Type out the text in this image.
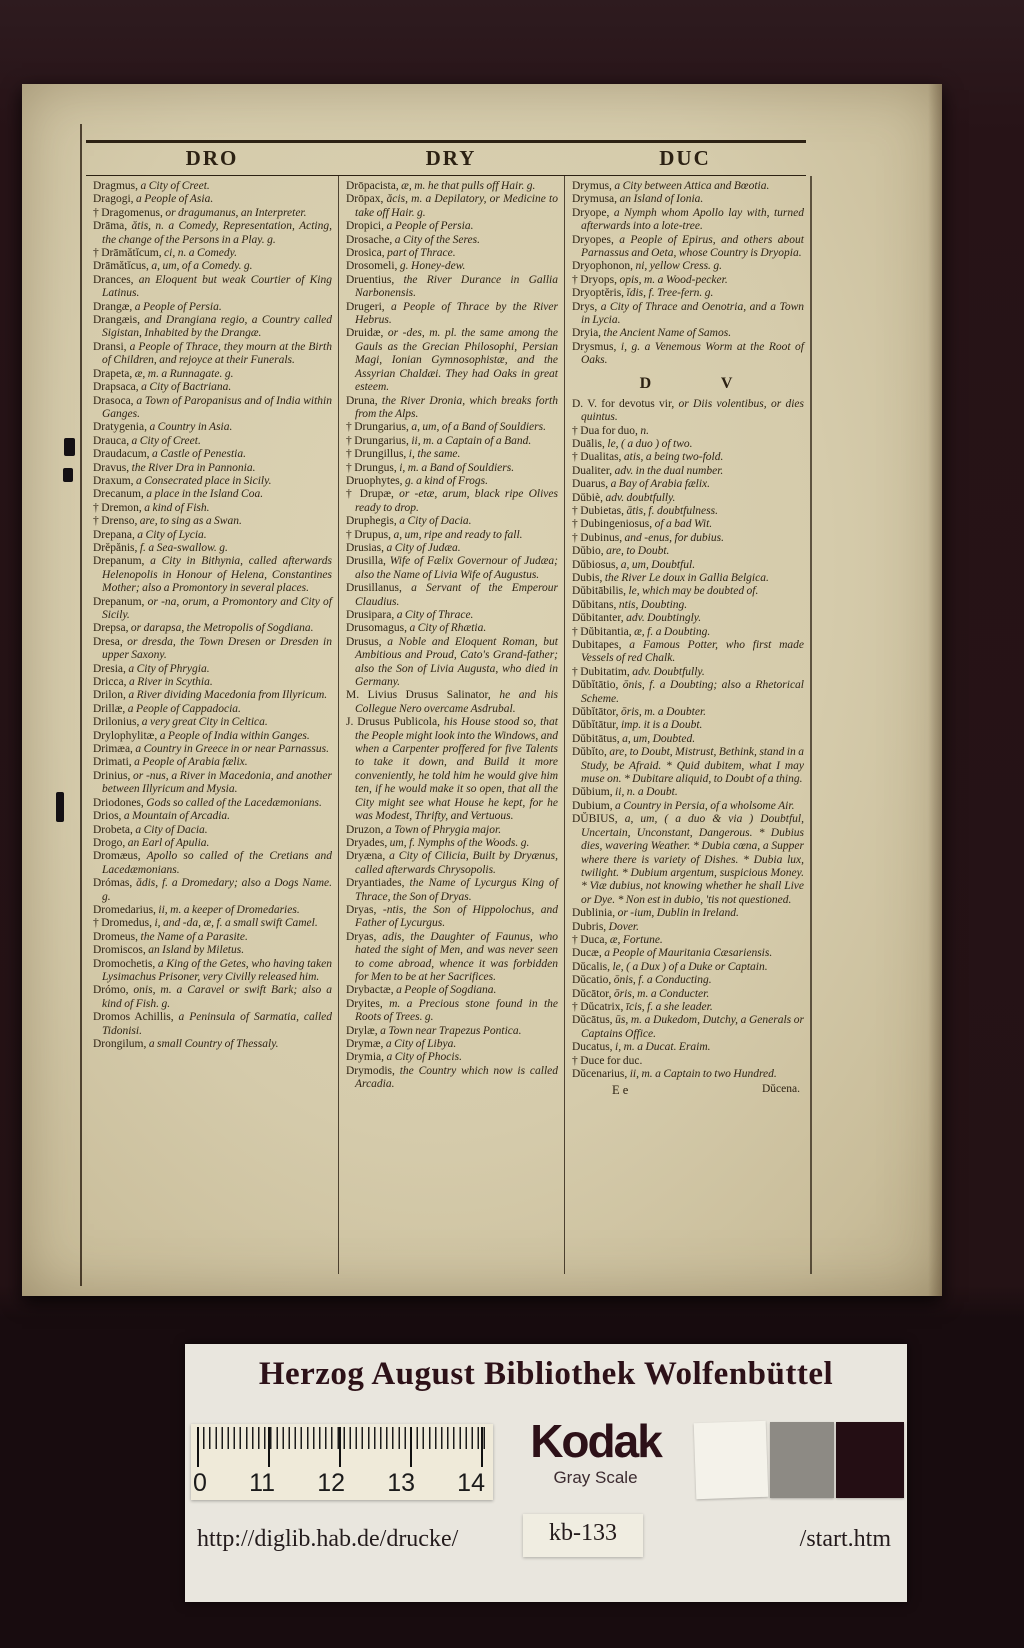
DRO	DRY	DUC

Dragmus, a City of Creet.

Dragogi, a People of Asia.

† Dragomenus, or dragumanus, an Interpreter.

Drāma, ătis, n. a Comedy, Representation, Acting, the change of the Persons in a Play. g.

† Drāmătĭcum, ci, n. a Comedy.

Drāmătĭcus, a, um, of a Comedy. g.

Drances, an Eloquent but weak Courtier of King Latinus.

Drangæ, a People of Persia.

Drangæis, and Drangiana regio, a Country called Sigistan, Inhabited by the Drangæ.

Dransi, a People of Thrace, they mourn at the Birth of Children, and rejoyce at their Funerals.

Drapeta, æ, m. a Runnagate. g.

Drapsaca, a City of Bactriana.

Drasoca, a Town of Paropanisus and of India within Ganges.

Dratygenia, a Country in Asia.

Drauca, a City of Creet.

Draudacum, a Castle of Penestia.

Dravus, the River Dra in Pannonia.

Draxum, a Consecrated place in Sicily.

Drecanum, a place in the Island Coa.

† Dremon, a kind of Fish.

† Drenso, are, to sing as a Swan.

Drepana, a City of Lycia.

Drĕpănis, f. a Sea-swallow. g.

Drepanum, a City in Bithynia, called afterwards Helenopolis in Honour of Helena, Constantines Mother; also a Promontory in several places.

Drepanum, or -na, orum, a Promontory and City of Sicily.

Drepsa, or darapsa, the Metropolis of Sogdiana.

Dresa, or dresda, the Town Dresen or Dresden in upper Saxony.

Dresia, a City of Phrygia.

Dricca, a River in Scythia.

Drilon, a River dividing Macedonia from Illyricum.

Drillæ, a People of Cappadocia.

Drilonius, a very great City in Celtica.

Drylophylitæ, a People of India within Ganges.

Drimæa, a Country in Greece in or near Parnassus.

Drimati, a People of Arabia fælix.

Drinius, or -nus, a River in Macedonia, and another between Illyricum and Mysia.

Driodones, Gods so called of the Lacedæmonians.

Drios, a Mountain of Arcadia.

Drobeta, a City of Dacia.

Drogo, an Earl of Apulia.

Dromæus, Apollo so called of the Cretians and Lacedæmonians.

Drómas, ădis, f. a Dromedary; also a Dogs Name. g.

Dromedarius, ii, m. a keeper of Dromedaries.

† Dromedus, i, and -da, æ, f. a small swift Camel.

Dromeus, the Name of a Parasite.

Dromiscos, an Island by Miletus.

Dromochetis, a King of the Getes, who having taken Lysimachus Prisoner, very Civilly released him.

Drómo, onis, m. a Caravel or swift Bark; also a kind of Fish. g.

Dromos Achillis, a Peninsula of Sarmatia, called Tidonisi.

Drongilum, a small Country of Thessaly.

Drōpacista, æ, m. he that pulls off Hair. g.

Drōpax, ăcis, m. a Depilatory, or Medicine to take off Hair. g.

Dropici, a People of Persia.

Drosache, a City of the Seres.

Drosica, part of Thrace.

Drosomeli, g. Honey-dew.

Druentius, the River Durance in Gallia Narbonensis.

Drugeri, a People of Thrace by the River Hebrus.

Druidæ, or -des, m. pl. the same among the Gauls as the Grecian Philosophi, Persian Magi, Ionian Gymnosophistæ, and the Assyrian Chaldæi. They had Oaks in great esteem.

Druna, the River Dronia, which breaks forth from the Alps.

† Drungarius, a, um, of a Band of Souldiers.

† Drungarius, ii, m. a Captain of a Band.

† Drungillus, i, the same.

† Drungus, i, m. a Band of Souldiers.

Druophytes, g. a kind of Frogs.

† Drupæ, or -etæ, arum, black ripe Olives ready to drop.

Druphegis, a City of Dacia.

† Drupus, a, um, ripe and ready to fall.

Drusias, a City of Judæa.

Drusilla, Wife of Fælix Governour of Judæa; also the Name of Livia Wife of Augustus.

Drusillanus, a Servant of the Emperour Claudius.

Drusipara, a City of Thrace.

Drusomagus, a City of Rhætia.

Drusus, a Noble and Eloquent Roman, but Ambitious and Proud, Cato's Grand-father; also the Son of Livia Augusta, who died in Germany.

M. Livius Drusus Salinator, he and his Collegue Nero overcame Asdrubal.

J. Drusus Publicola, his House stood so, that the People might look into the Windows, and when a Carpenter proffered for five Talents to take it down, and Build it more conveniently, he told him he would give him ten, if he would make it so open, that all the City might see what House he kept, for he was Modest, Thrifty, and Vertuous.

Druzon, a Town of Phrygia major.

Dryades, um, f. Nymphs of the Woods. g.

Dryæna, a City of Cilicia, Built by Dryænus, called afterwards Chrysopolis.

Dryantiades, the Name of Lycurgus King of Thrace, the Son of Dryas.

Dryas, -ntis, the Son of Hippolochus, and Father of Lycurgus.

Dryas, adis, the Daughter of Faunus, who hated the sight of Men, and was never seen to come abroad, whence it was forbidden for Men to be at her Sacrifices.

Drybactæ, a People of Sogdiana.

Dryites, m. a Precious stone found in the Roots of Trees. g.

Drylæ, a Town near Trapezus Pontica.

Drymæ, a City of Libya.

Drymia, a City of Phocis.

Drymodis, the Country which now is called Arcadia.

Drymus, a City between Attica and Bœotia.

Drymusa, an Island of Ionia.

Dryope, a Nymph whom Apollo lay with, turned afterwards into a lote-tree.

Dryopes, a People of Epirus, and others about Parnassus and Oeta, whose Country is Dryopia.

Dryophonon, ni, yellow Cress. g.

† Dryops, opis, m. a Wood-pecker.

Dryoptĕris, ĭdis, f. Tree-fern. g.

Drys, a City of Thrace and Oenotria, and a Town in Lycia.

Dryia, the Ancient Name of Samos.

Drysmus, i, g. a Venemous Worm at the Root of Oaks.

D V

D. V. for devotus vir, or Diis volentibus, or dies quintus.

† Dua for duo, n.

Duālis, le, ( a duo ) of two.

† Dualitas, atis, a being two-fold.

Dualiter, adv. in the dual number.

Duarus, a Bay of Arabia fælix.

Dŭbiè, adv. doubtfully.

† Dubietas, ātis, f. doubtfulness.

† Dubingeniosus, of a bad Wit.

† Dubinus, and -enus, for dubius.

Dŭbio, are, to Doubt.

Dŭbiosus, a, um, Doubtful.

Dubis, the River Le doux in Gallia Belgica.

Dŭbitābilis, le, which may be doubted of.

Dŭbitans, ntis, Doubting.

Dŭbitanter, adv. Doubtingly.

† Dŭbitantia, æ, f. a Doubting.

Dubitapes, a Famous Potter, who first made Vessels of red Chalk.

† Dubitatim, adv. Doubtfully.

Dŭbĭtātio, ōnis, f. a Doubting; also a Rhetorical Scheme.

Dŭbĭtātor, ōris, m. a Doubter.

Dŭbĭtātur, imp. it is a Doubt.

Dŭbitātus, a, um, Doubted.

Dŭbĭto, are, to Doubt, Mistrust, Bethink, stand in a Study, be Afraid. * Quid dubitem, what I may muse on. * Dubitare aliquid, to Doubt of a thing.

Dŭbium, ii, n. a Doubt.

Dubium, a Country in Persia, of a wholsome Air.

DŬBIUS, a, um, ( a duo & via ) Doubtful, Uncertain, Unconstant, Dangerous. * Dubius dies, wavering Weather. * Dubia cœna, a Supper where there is variety of Dishes. * Dubia lux, twilight. * Dubium argentum, suspicious Money. * Viæ dubius, not knowing whether he shall Live or Dye. * Non est in dubio, 'tis not questioned.

Dublinia, or -ium, Dublin in Ireland.

Dubris, Dover.

† Duca, æ, Fortune.

Ducæ, a People of Mauritania Cæsariensis.

Dŭcalis, le, ( a Dux ) of a Duke or Captain.

Dŭcatio, ōnis, f. a Conducting.

Dŭcātor, ōris, m. a Conducter.

† Dŭcatrix, īcis, f. a she leader.

Dŭcātus, ūs, m. a Dukedom, Dutchy, a Generals or Captains Office.

Ducatus, i, m. a Ducat. Eraim.

† Duce for duc.

Dŭcenarius, ii, m. a Captain to two Hundred.

E e	Dŭcena.

Herzog August Bibliothek Wolfenbüttel

0 11 12 13 14
Kodak
Gray Scale
http://diglib.hab.de/drucke/	kb-133	/start.htm
